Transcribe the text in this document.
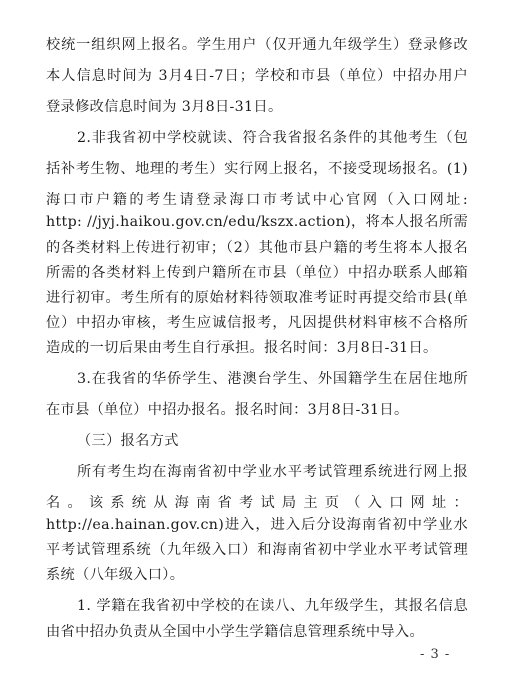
校统一组织网上报名。学生用户（仅开通九年级学生）登录修改
本人信息时间为 3月4日-7日；学校和市县（单位）中招办用户
登录修改信息时间为 3月8日-31日。
2.非我省初中学校就读、符合我省报名条件的其他考生（包
括补考生物、地理的考生）实行网上报名，不接受现场报名。(1)
海口市户籍的考生请登录海口市考试中心官网（入口网址:
http: //jyj.haikou.gov.cn/edu/kszx.action)，将本人报名所需
的各类材料上传进行初审；（2）其他市县户籍的考生将本人报名
所需的各类材料上传到户籍所在市县（单位）中招办联系人邮箱
进行初审。考生所有的原始材料待领取准考证时再提交给市县(单
位）中招办审核，考生应诚信报考，凡因提供材料审核不合格所
造成的一切后果由考生自行承担。报名时间：3月8日-31日。
3.在我省的华侨学生、港澳台学生、外国籍学生在居住地所
在市县（单位）中招办报名。报名时间：3月8日-31日。
（三）报名方式
所有考生均在海南省初中学业水平考试管理系统进行网上报
名。该系统从海南省考试局主页（入口网址：
http://ea.hainan.gov.cn)进入，进入后分设海南省初中学业水
平考试管理系统（九年级入口）和海南省初中学业水平考试管理
系统（八年级入口）。
1. 学籍在我省初中学校的在读八、九年级学生，其报名信息
由省中招办负责从全国中小学生学籍信息管理系统中导入。
- 3 -
